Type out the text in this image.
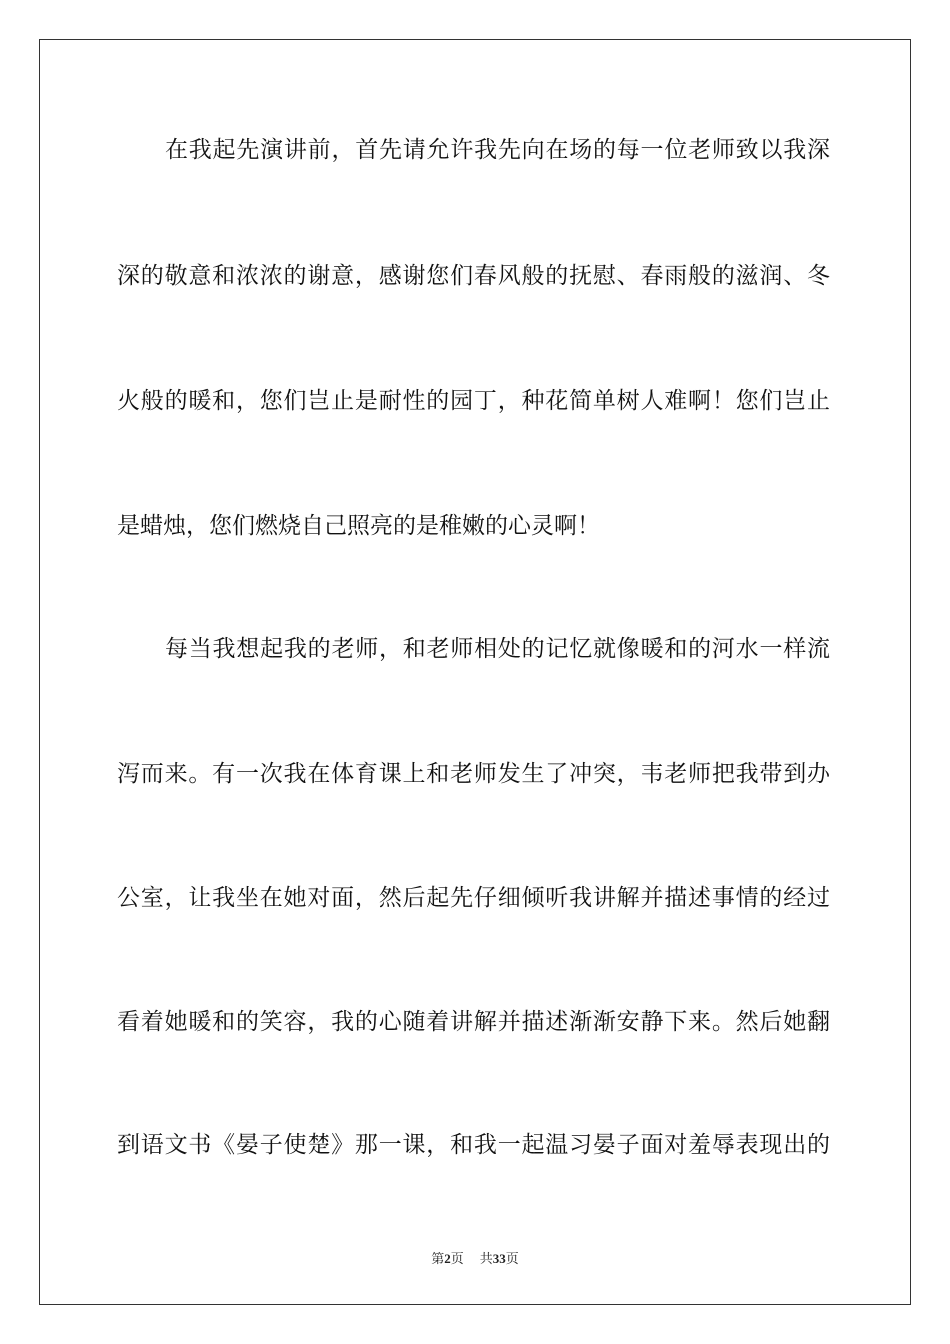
在我起先演讲前，首先请允许我先向在场的每一位老师致以我深
深的敬意和浓浓的谢意，感谢您们春风般的抚慰、春雨般的滋润、冬
火般的暖和，您们岂止是耐性的园丁，种花简单树人难啊！您们岂止
是蜡烛，您们燃烧自己照亮的是稚嫩的心灵啊！
每当我想起我的老师，和老师相处的记忆就像暖和的河水一样流
泻而来。有一次我在体育课上和老师发生了冲突，韦老师把我带到办
公室，让我坐在她对面，然后起先仔细倾听我讲解并描述事情的经过
看着她暖和的笑容，我的心随着讲解并描述渐渐安静下来。然后她翻
到语文书《晏子使楚》那一课，和我一起温习晏子面对羞辱表现出的
第2页 共33页
